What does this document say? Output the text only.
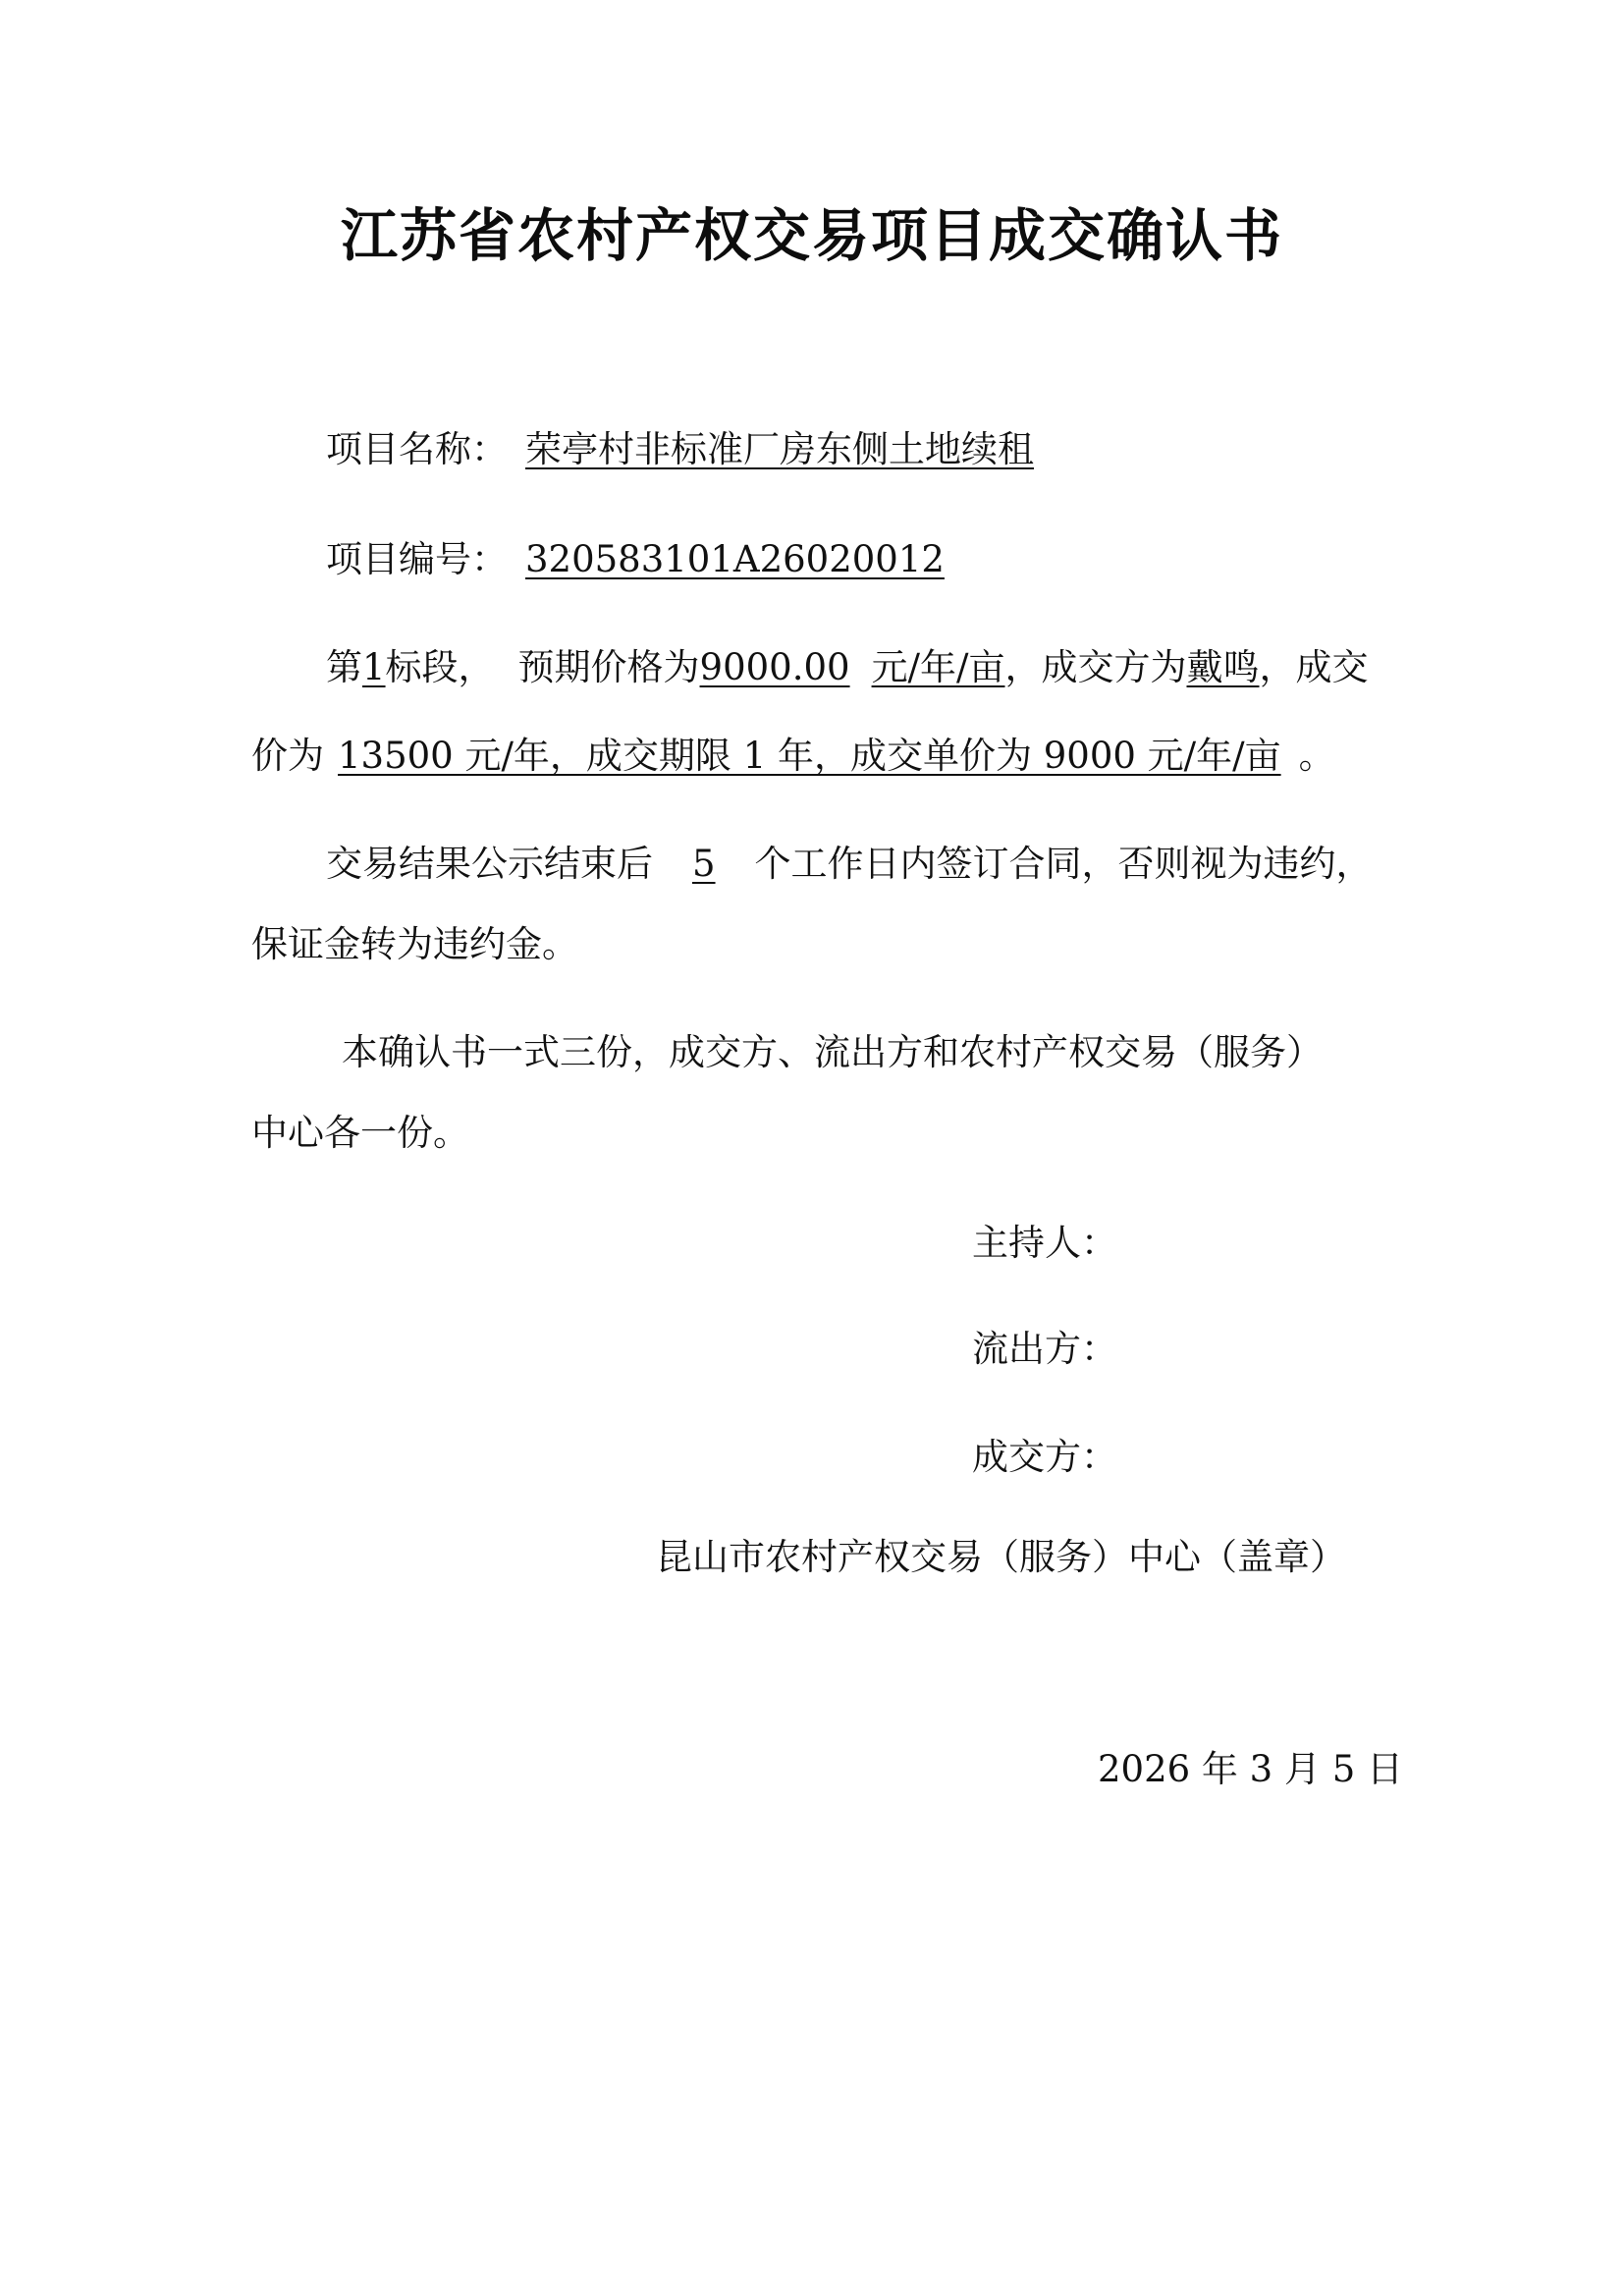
江苏省农村产权交易项目成交确认书
项目名称： 荣亭村非标准厂房东侧土地续租
项目编号： 320583101A26020012
第1标段， 预期价格为9000.00 元/年/亩，成交方为戴鸣，成交
价为 13500 元/年，成交期限 1 年，成交单价为 9000 元/年/亩 。
交易结果公示结束后 5 个工作日内签订合同，否则视为违约，
保证金转为违约金。
本确认书一式三份，成交方、流出方和农村产权交易（服务）
中心各一份。
主持人：
流出方：
成交方：
昆山市农村产权交易（服务）中心（盖章）
2026 年 3 月 5 日
